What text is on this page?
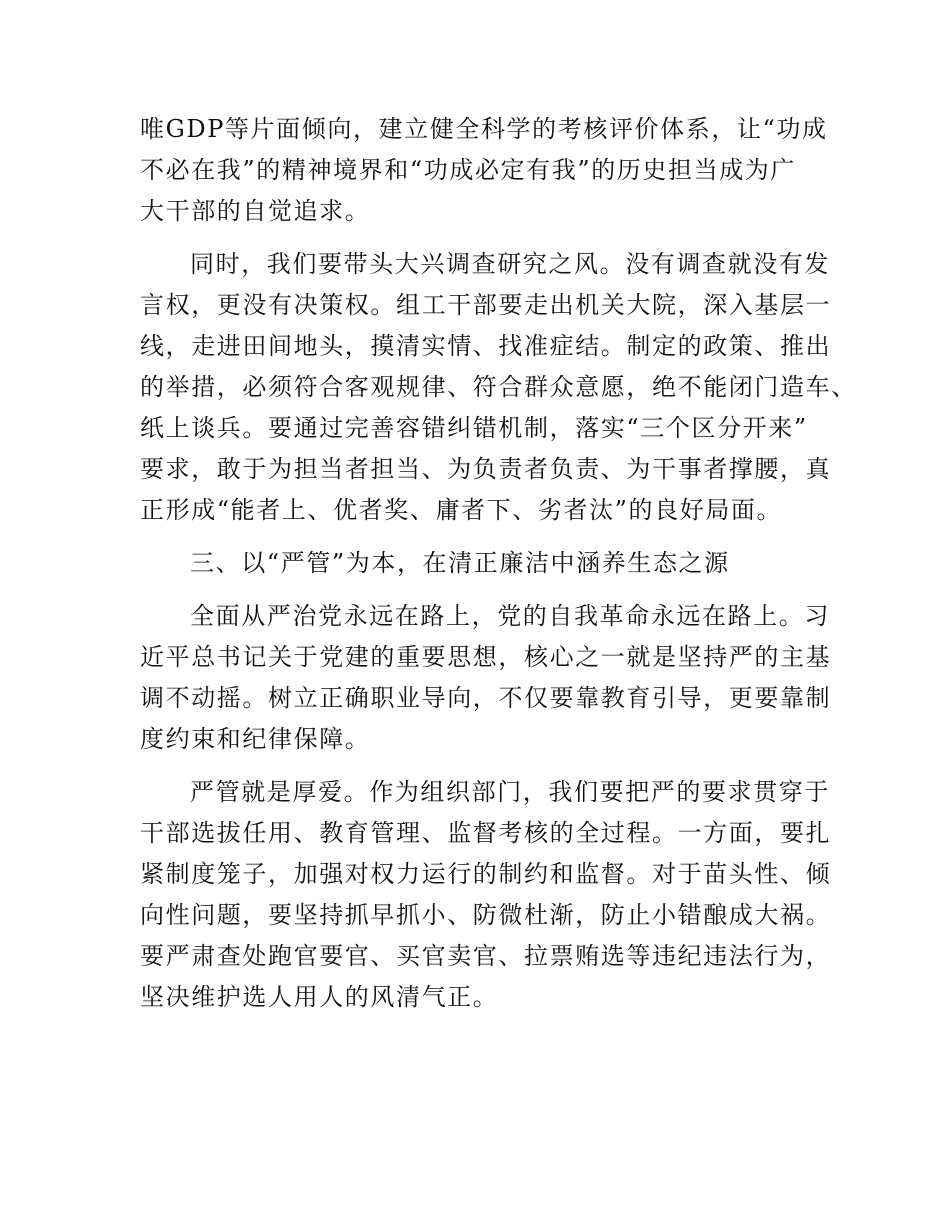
唯GDP等片面倾向，建立健全科学的考核评价体系，让“功成
不必在我”的精神境界和“功成必定有我”的历史担当成为广
大干部的自觉追求。
同时，我们要带头大兴调查研究之风。没有调查就没有发
言权，更没有决策权。组工干部要走出机关大院，深入基层一
线，走进田间地头，摸清实情、找准症结。制定的政策、推出
的举措，必须符合客观规律、符合群众意愿，绝不能闭门造车、
纸上谈兵。要通过完善容错纠错机制，落实“三个区分开来”
要求，敢于为担当者担当、为负责者负责、为干事者撑腰，真
正形成“能者上、优者奖、庸者下、劣者汰”的良好局面。
三、以“严管”为本，在清正廉洁中涵养生态之源
全面从严治党永远在路上，党的自我革命永远在路上。习
近平总书记关于党建的重要思想，核心之一就是坚持严的主基
调不动摇。树立正确职业导向，不仅要靠教育引导，更要靠制
度约束和纪律保障。
严管就是厚爱。作为组织部门，我们要把严的要求贯穿于
干部选拔任用、教育管理、监督考核的全过程。一方面，要扎
紧制度笼子，加强对权力运行的制约和监督。对于苗头性、倾
向性问题，要坚持抓早抓小、防微杜渐，防止小错酿成大祸。
要严肃查处跑官要官、买官卖官、拉票贿选等违纪违法行为，
坚决维护选人用人的风清气正。
